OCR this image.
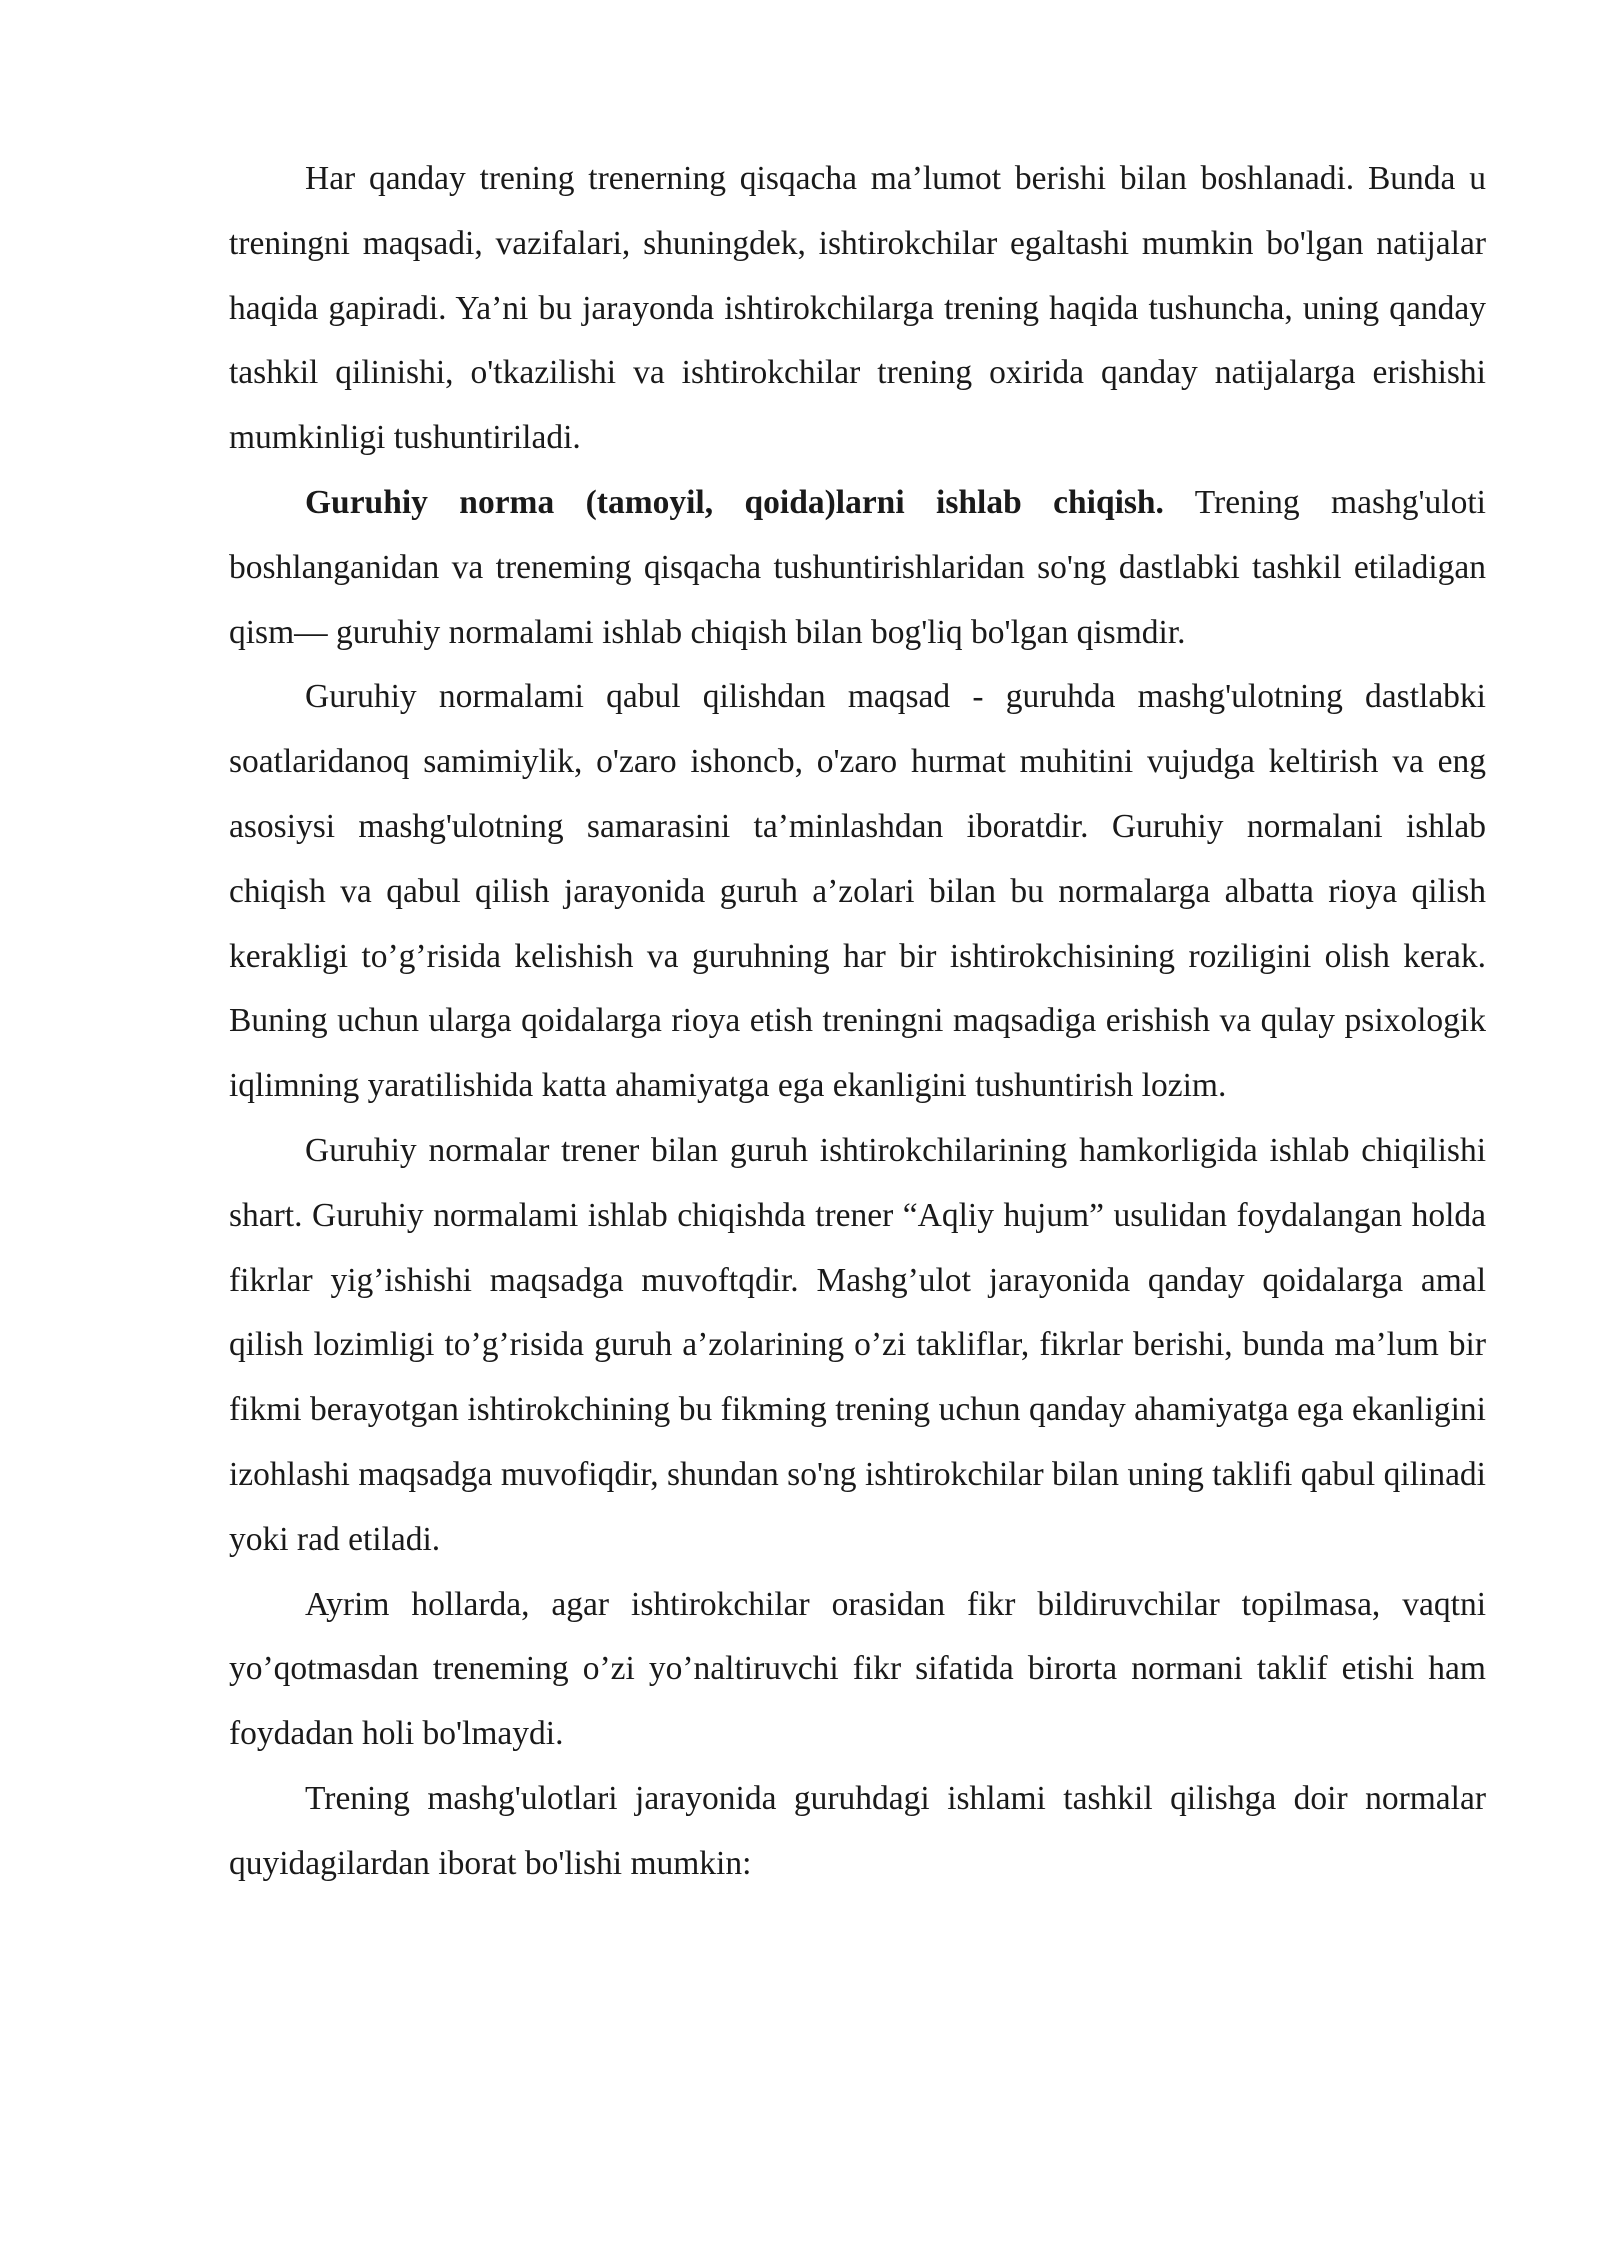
Har qanday trening trenerning qisqacha ma’lumot berishi bilan boshlanadi. Bunda u treningni maqsadi, vazifalari, shuningdek, ishtirokchilar egaltashi mumkin bo'lgan natijalar haqida gapiradi. Ya’ni bu jarayonda ishtirokchilarga trening haqida tushuncha, uning qanday tashkil qilinishi, o'tkazilishi va ishtirokchilar trening oxirida qanday natijalarga erishishi mumkinligi tushuntiriladi.

Guruhiy norma (tamoyil, qoida)larni ishlab chiqish. Trening mashg'uloti boshlanganidan va treneming qisqacha tushuntirishlaridan so'ng dastlabki tashkil etiladigan qism— guruhiy normalami ishlab chiqish bilan bog'liq bo'lgan qismdir.

Guruhiy normalami qabul qilishdan maqsad - guruhda mashg'ulotning dastlabki soatlaridanoq samimiylik, o'zaro ishoncb, o'zaro hurmat muhitini vujudga keltirish va eng asosiysi mashg'ulotning samarasini ta’minlashdan iboratdir. Guruhiy normalani ishlab chiqish va qabul qilish jarayonida guruh a’zolari bilan bu normalarga albatta rioya qilish kerakligi to’g’risida kelishish va guruhning har bir ishtirokchisining roziligini olish kerak. Buning uchun ularga qoidalarga rioya etish treningni maqsadiga erishish va qulay psixologik iqlimning yaratilishida katta ahamiyatga ega ekanligini tushuntirish lozim.

Guruhiy normalar trener bilan guruh ishtirokchilarining hamkorligida ishlab chiqilishi shart. Guruhiy normalami ishlab chiqishda trener “Aqliy hujum” usulidan foydalangan holda fikrlar yig’ishishi maqsadga muvoftqdir. Mashg’ulot jarayonida qanday qoidalarga amal qilish lozimligi to’g’risida guruh a’zolarining o’zi takliflar, fikrlar berishi, bunda ma’lum bir fikmi berayotgan ishtirokchining bu fikming trening uchun qanday ahamiyatga ega ekanligini izohlashi maqsadga muvofiqdir, shundan so'ng ishtirokchilar bilan uning taklifi qabul qilinadi yoki rad etiladi.

Ayrim hollarda, agar ishtirokchilar orasidan fikr bildiruvchilar topilmasa, vaqtni yo’qotmasdan treneming o’zi yo’naltiruvchi fikr sifatida birorta normani taklif etishi ham foydadan holi bo'lmaydi.

Trening mashg'ulotlari jarayonida guruhdagi ishlami tashkil qilishga doir normalar quyidagilardan iborat bo'lishi mumkin:
